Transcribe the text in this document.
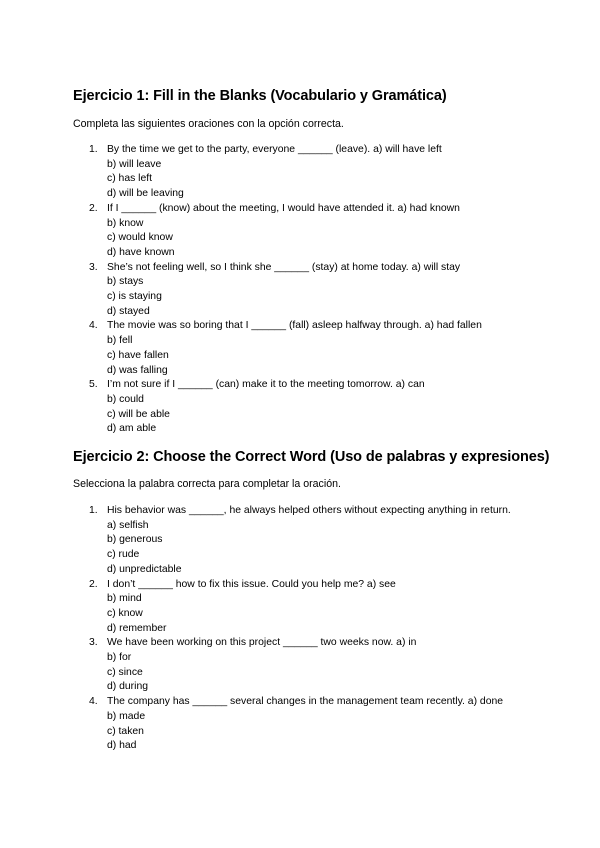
Ejercicio 1: Fill in the Blanks (Vocabulario y Gramática)

Completa las siguientes oraciones con la opción correcta.

1. By the time we get to the party, everyone ______ (leave). a) will have left
b) will leave
c) has left
d) will be leaving
2. If I ______ (know) about the meeting, I would have attended it. a) had known
b) know
c) would know
d) have known
3. She’s not feeling well, so I think she ______ (stay) at home today. a) will stay
b) stays
c) is staying
d) stayed
4. The movie was so boring that I ______ (fall) asleep halfway through. a) had fallen
b) fell
c) have fallen
d) was falling
5. I’m not sure if I ______ (can) make it to the meeting tomorrow. a) can
b) could
c) will be able
d) am able
Ejercicio 2: Choose the Correct Word (Uso de palabras y expresiones)

Selecciona la palabra correcta para completar la oración.

1. His behavior was ______, he always helped others without expecting anything in return. a) selfish
b) generous
c) rude
d) unpredictable
2. I don’t ______ how to fix this issue. Could you help me? a) see
b) mind
c) know
d) remember
3. We have been working on this project ______ two weeks now. a) in
b) for
c) since
d) during
4. The company has ______ several changes in the management team recently. a) done
b) made
c) taken
d) had
